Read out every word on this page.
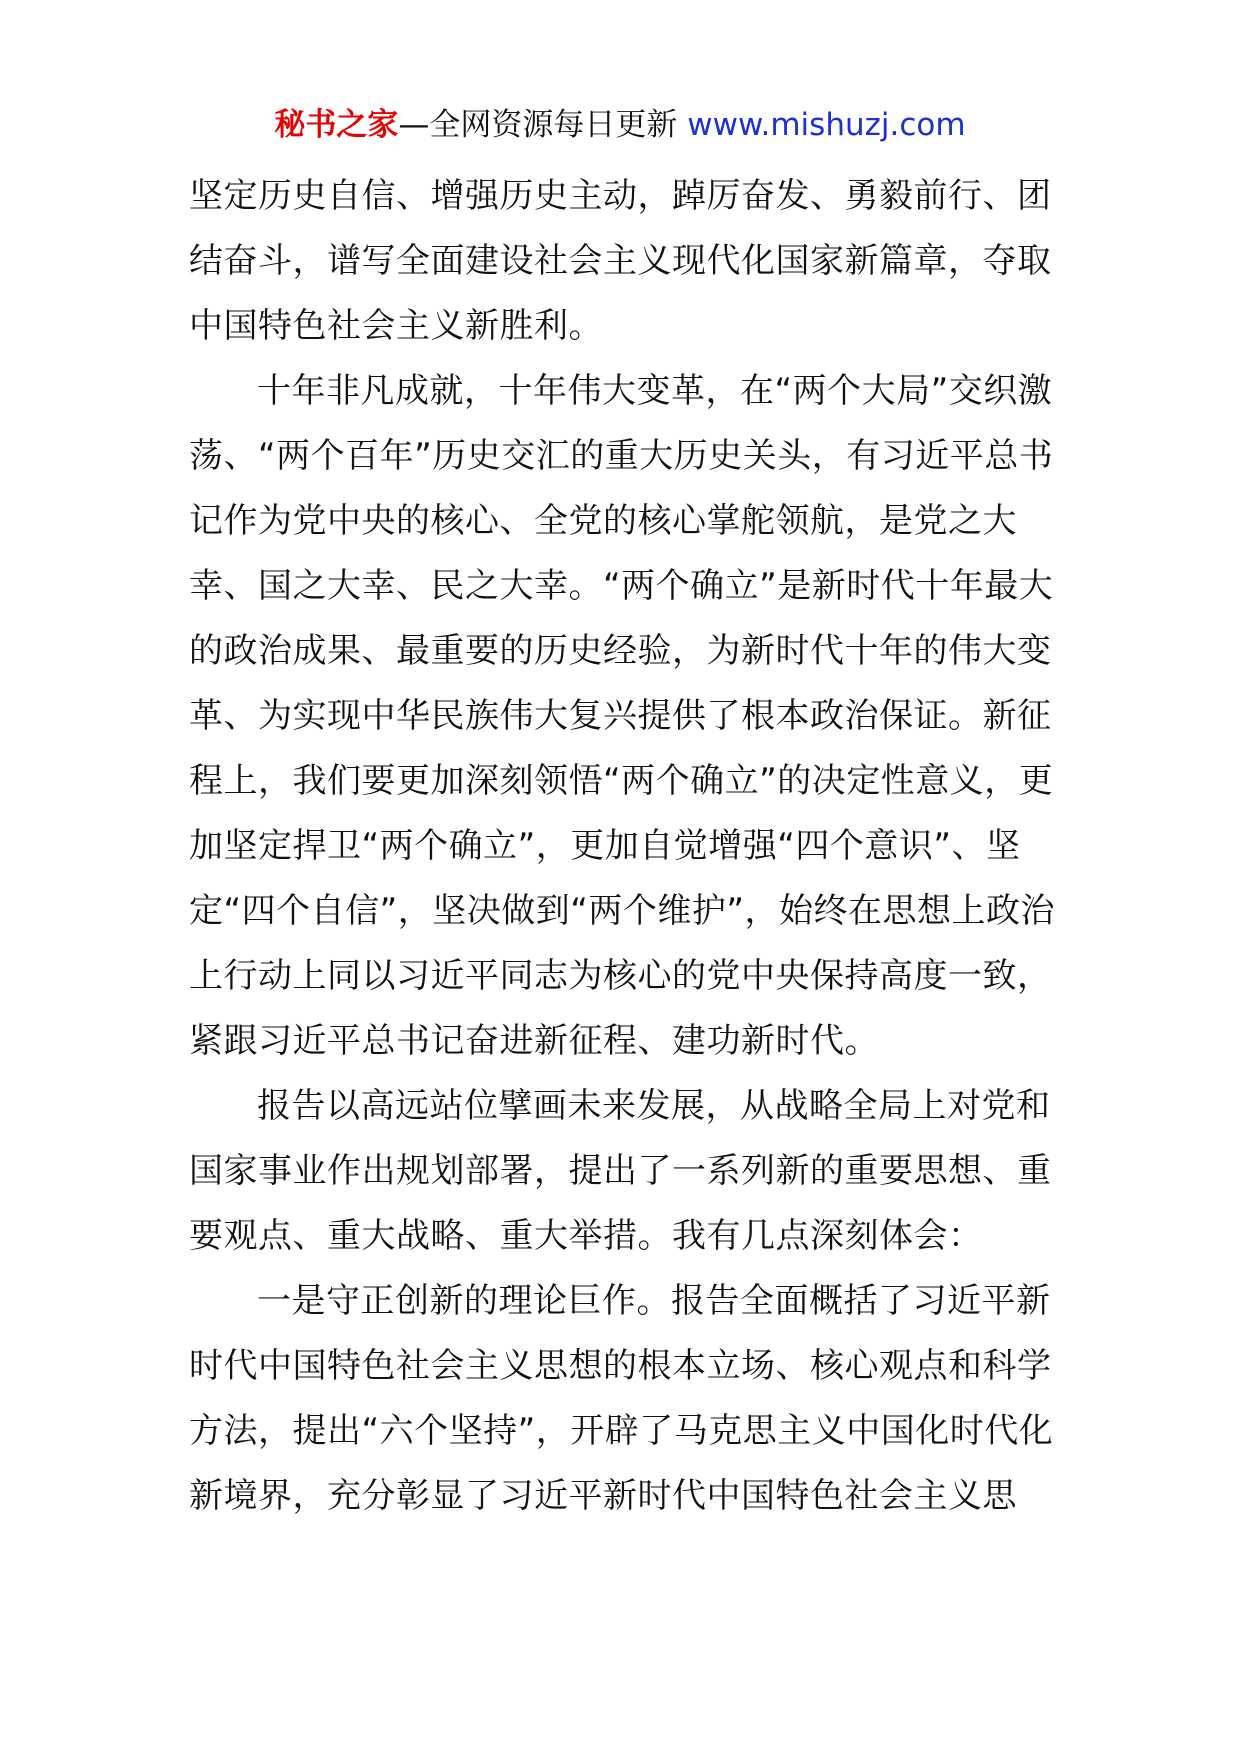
秘书之家—全网资源每日更新 www.mishuzj.com

坚定历史自信、增强历史主动，踔厉奋发、勇毅前行、团结奋斗，谱写全面建设社会主义现代化国家新篇章，夺取中国特色社会主义新胜利。

十年非凡成就，十年伟大变革，在“两个大局”交织激荡、“两个百年”历史交汇的重大历史关头，有习近平总书记作为党中央的核心、全党的核心掌舵领航，是党之大幸、国之大幸、民之大幸。“两个确立”是新时代十年最大的政治成果、最重要的历史经验，为新时代十年的伟大变革、为实现中华民族伟大复兴提供了根本政治保证。新征程上，我们要更加深刻领悟“两个确立”的决定性意义，更加坚定捍卫“两个确立”，更加自觉增强“四个意识”、坚定“四个自信”，坚决做到“两个维护”，始终在思想上政治上行动上同以习近平同志为核心的党中央保持高度一致，紧跟习近平总书记奋进新征程、建功新时代。

报告以高远站位擘画未来发展，从战略全局上对党和国家事业作出规划部署，提出了一系列新的重要思想、重要观点、重大战略、重大举措。我有几点深刻体会：

一是守正创新的理论巨作。报告全面概括了习近平新时代中国特色社会主义思想的根本立场、核心观点和科学方法，提出“六个坚持”，开辟了马克思主义中国化时代化新境界，充分彰显了习近平新时代中国特色社会主义思
